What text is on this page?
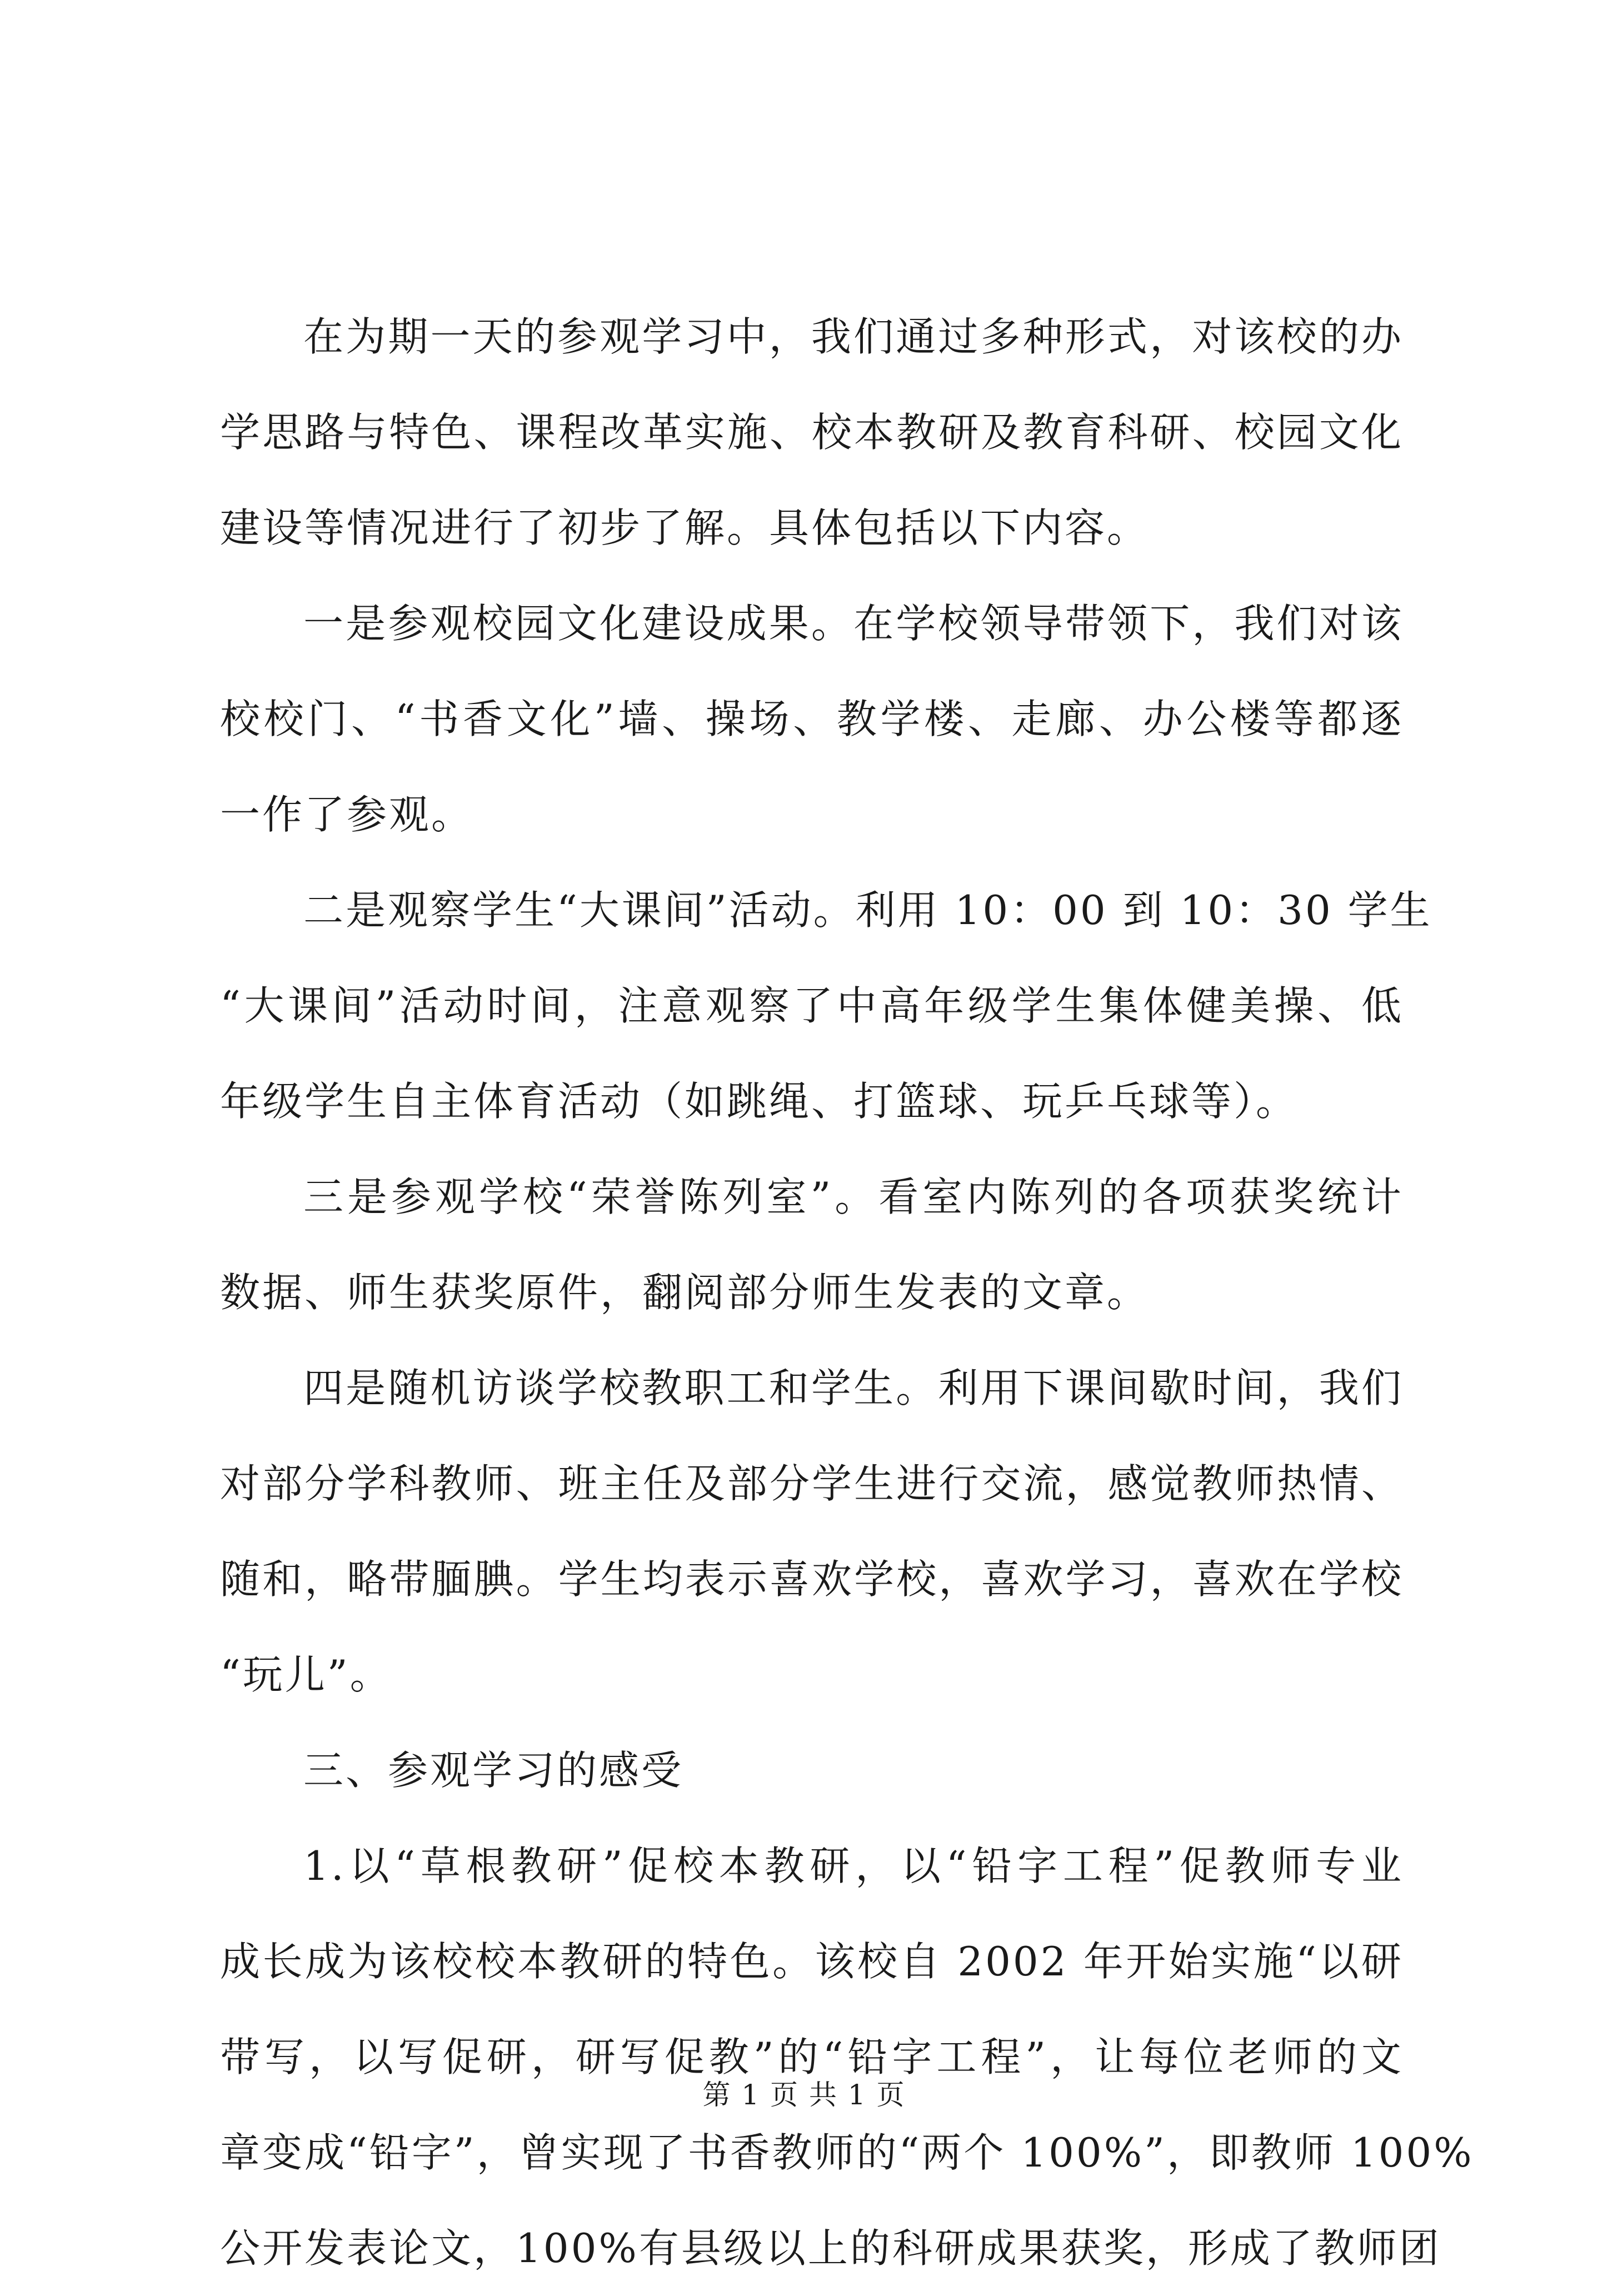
在为期一天的参观学习中，我们通过多种形式，对该校的办
学思路与特色、课程改革实施、校本教研及教育科研、校园文化
建设等情况进行了初步了解。具体包括以下内容。
一是参观校园文化建设成果。在学校领导带领下，我们对该
校校门、“书香文化”墙、操场、教学楼、走廊、办公楼等都逐
一作了参观。
二是观察学生“大课间”活动。利用 10：00 到 10：30 学生
“大课间”活动时间，注意观察了中高年级学生集体健美操、低
年级学生自主体育活动（如跳绳、打篮球、玩乒乓球等）。
三是参观学校“荣誉陈列室”。看室内陈列的各项获奖统计
数据、师生获奖原件，翻阅部分师生发表的文章。
四是随机访谈学校教职工和学生。利用下课间歇时间，我们
对部分学科教师、班主任及部分学生进行交流，感觉教师热情、
随和，略带腼腆。学生均表示喜欢学校，喜欢学习，喜欢在学校
“玩儿”。
三、参观学习的感受
1.以“草根教研”促校本教研，以“铅字工程”促教师专业
成长成为该校校本教研的特色。该校自 2002 年开始实施“以研
带写，以写促研，研写促教”的“铅字工程”，让每位老师的文
章变成“铅字”，曾实现了书香教师的“两个 100%”，即教师 100%
公开发表论文，100%有县级以上的科研成果获奖，形成了教师团
第 1 页 共 1 页
